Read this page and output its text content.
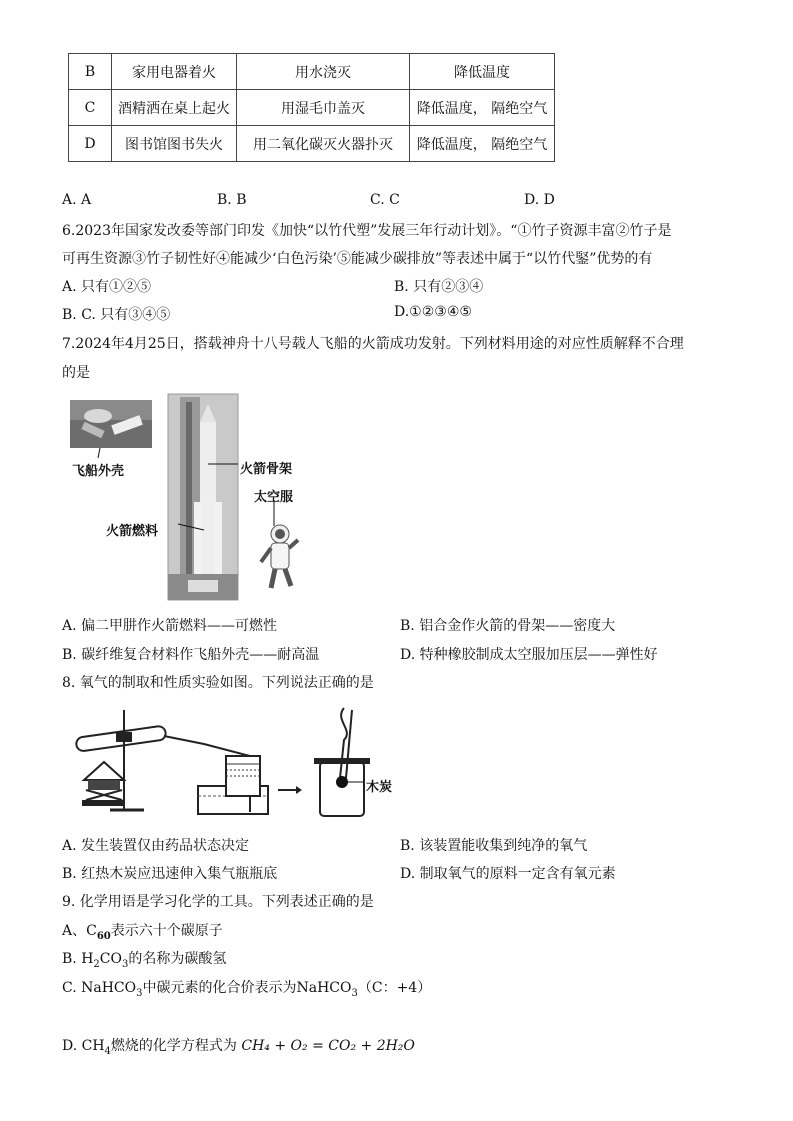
B	家用电器着火	用水浇灭	降低温度
C	酒精洒在桌上起火	用湿毛巾盖灭	降低温度， 隔绝空气
D	图书馆图书失火	用二氧化碳灭火器扑灭	降低温度， 隔绝空气
A. A	B. B	C. C	D. D
6.2023年国家发改委等部门印发《加快“以竹代塑”发展三年行动计划》。“①竹子资源丰富②竹子是
可再生资源③竹子韧性好④能减少‘白色污染’⑤能减少碳排放”等表述中属于“以竹代鋻”优势的有
A. 只有①②⑤	B. 只有②③④
B. C. 只有③④⑤	D.①②③④⑤
7.2024年4月25日，搭载神舟十八号载人飞船的火箭成功发射。下列材料用途的对应性质解释不合理
的是
飞船外壳	火箭骨架
火箭燃料
太空服
A. 偏二甲肼作火箭燃料——可燃性	B. 铝合金作火箭的骨架——密度大
B. 碳纤维复合材料作飞船外壳——耐高温	D. 特种橡胶制成太空服加压层——弹性好
8. 氧气的制取和性质实验如图。下列说法正确的是
木炭
A. 发生装置仅由药品状态决定	B. 该装置能收集到纯净的氧气
B. 红热木炭应迅速伸入集气瓶瓶底	D. 制取氧气的原料一定含有氧元素
9. 化学用语是学习化学的工具。下列表述正确的是
A、$C_{60}$表示六十个碳原子
B. $H_2CO_3$的名称为碳酸氢
C. NaHCO$_3$中碳元素的化合价表示为NaHCO$_3$（C：+4）
D. $CH_4$燃烧的化学方程式为 CH₄ + O₂ = CO₂ + 2H₂O
